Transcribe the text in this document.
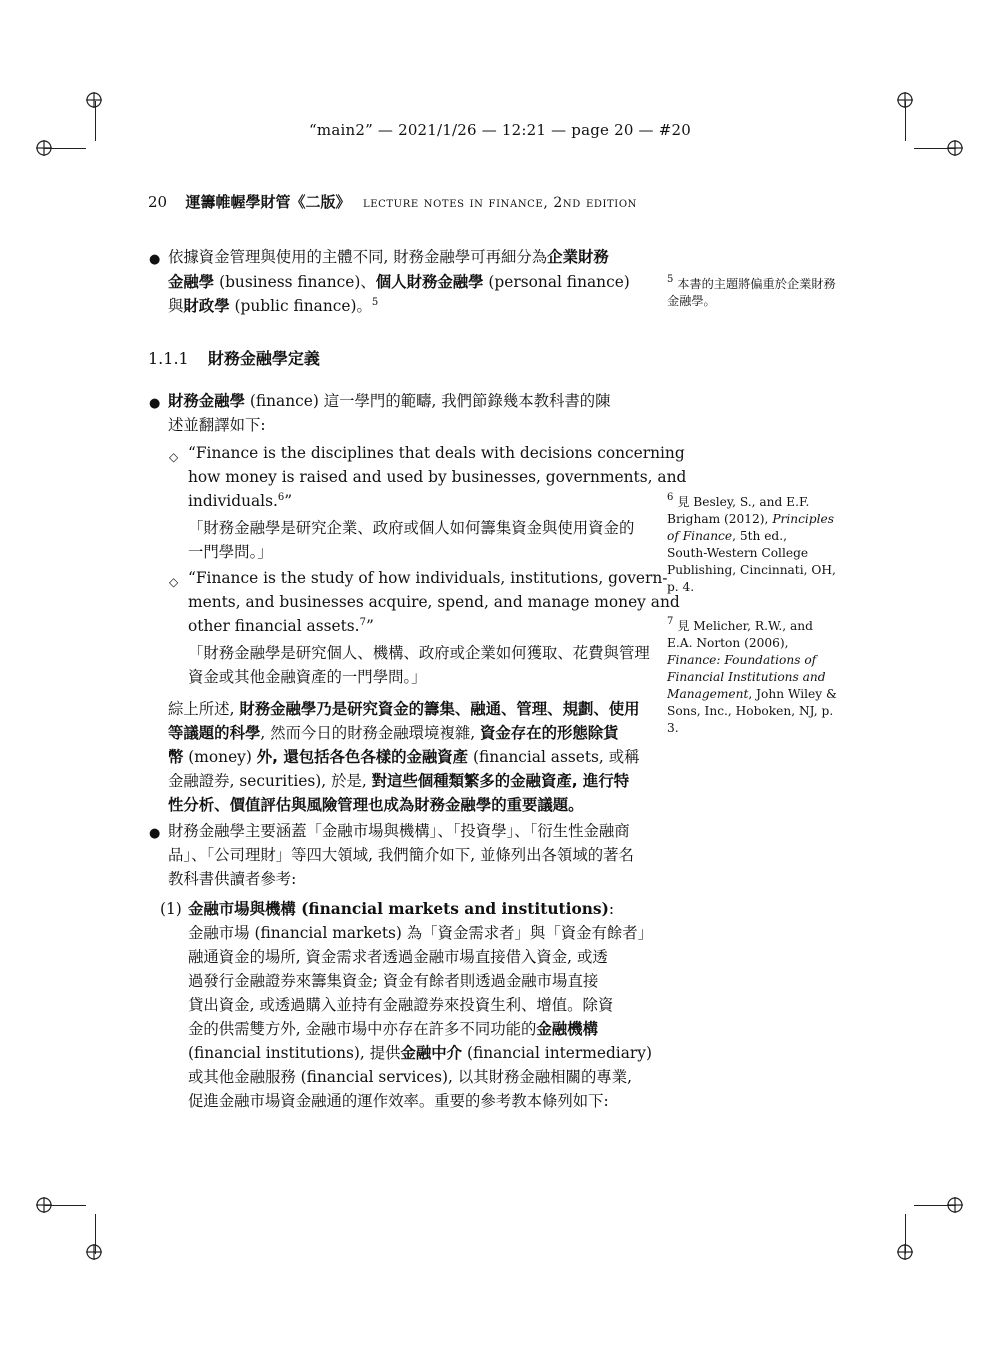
“main2” — 2021/1/26 — 12:21 — page 20 — #20
20 運籌帷幄學財管《二版》 lecture notes in finance, 2nd edition
● 依據資金管理與使用的主體不同, 財務金融學可再細分為企業財務
金融學 (business finance)、個人財務金融學 (personal finance)
與財政學 (public finance)。$^5$
1.1.1 財務金融學定義
● 財務金融學 (finance) 這一學門的範疇, 我們節錄幾本教科書的陳
述並翻譯如下:
◇ “Finance is the disciplines that deals with decisions concerning
how money is raised and used by businesses, governments, and
individuals.$^6$”
「財務金融學是研究企業、政府或個人如何籌集資金與使用資金的
一門學問。」
◇ “Finance is the study of how individuals, institutions, govern-
ments, and businesses acquire, spend, and manage money and
other financial assets.$^7$”
「財務金融學是研究個人、機構、政府或企業如何獲取、花費與管理
資金或其他金融資產的一門學問。」
綜上所述, 財務金融學乃是研究資金的籌集、融通、管理、規劃、使用
等議題的科學, 然而今日的財務金融環境複雜, 資金存在的形態除貨
幣 (money) 外, 還包括各色各樣的金融資產 (financial assets, 或稱
金融證券, securities), 於是, 對這些個種類繁多的金融資產, 進行特
性分析、價值評估與風險管理也成為財務金融學的重要議題。
● 財務金融學主要涵蓋「金融市場與機構」、「投資學」、「衍生性金融商
品」、「公司理財」等四大領域, 我們簡介如下, 並條列出各領域的著名
教科書供讀者參考:
(1) 金融市場與機構 (financial markets and institutions):
金融市場 (financial markets) 為「資金需求者」與「資金有餘者」
融通資金的場所, 資金需求者透過金融市場直接借入資金, 或透
過發行金融證券來籌集資金; 資金有餘者則透過金融市場直接
貸出資金, 或透過購入並持有金融證券來投資生利、增值。除資
金的供需雙方外, 金融市場中亦存在許多不同功能的金融機構
(financial institutions), 提供金融中介 (financial intermediary)
或其他金融服務 (financial services), 以其財務金融相關的專業,
促進金融市場資金融通的運作效率。重要的參考教本條列如下:
$^5$ 本書的主題將偏重於企業財務
金融學。
$^6$ 見 Besley, S., and E.F.
Brigham (2012), Principles
of Finance, 5th ed.,
South-Western College
Publishing, Cincinnati, OH,
p. 4.
$^7$ 見 Melicher, R.W., and
E.A. Norton (2006),
Finance: Foundations of
Financial Institutions and
Management, John Wiley &
Sons, Inc., Hoboken, NJ, p.
3.
